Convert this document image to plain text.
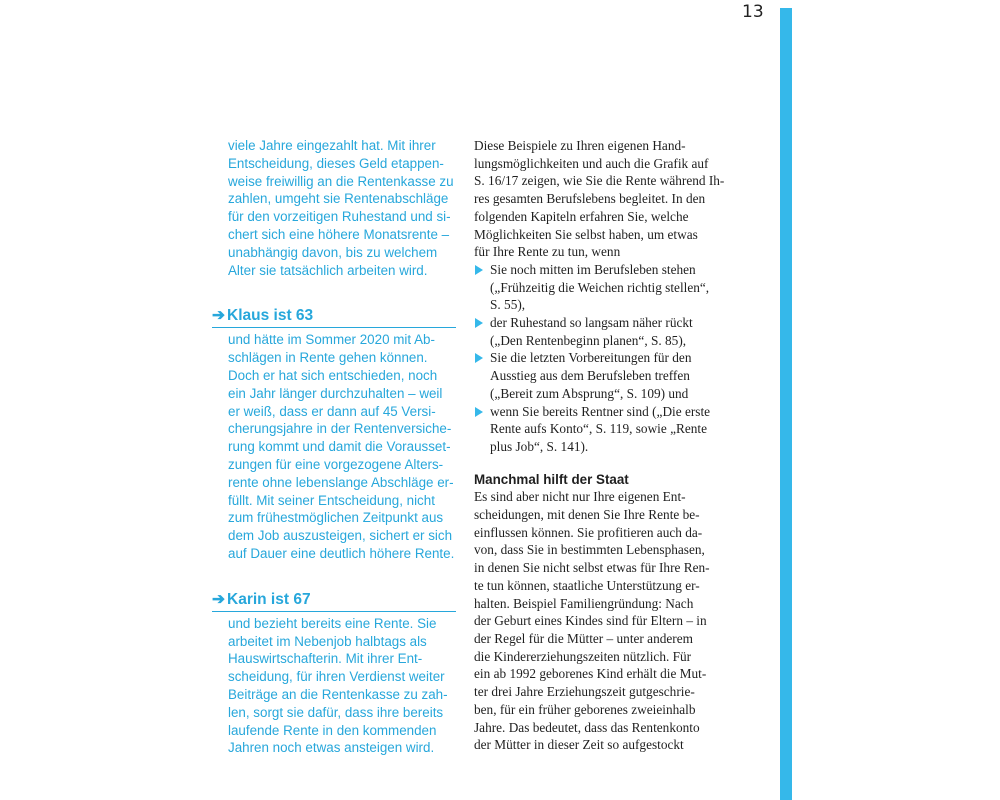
13
viele Jahre eingezahlt hat. Mit ihrer
Entscheidung, dieses Geld etappen-
weise freiwillig an die Rentenkasse zu
zahlen, umgeht sie Rentenabschläge
für den vorzeitigen Ruhestand und si-
chert sich eine höhere Monatsrente –
unabhängig davon, bis zu welchem
Alter sie tatsächlich arbeiten wird.
➔ Klaus ist 63
und hätte im Sommer 2020 mit Ab-
schlägen in Rente gehen können.
Doch er hat sich entschieden, noch
ein Jahr länger durchzuhalten – weil
er weiß, dass er dann auf 45 Versi-
cherungsjahre in der Rentenversiche-
rung kommt und damit die Vorausset-
zungen für eine vorgezogene Alters-
rente ohne lebenslange Abschläge er-
füllt. Mit seiner Entscheidung, nicht
zum frühestmöglichen Zeitpunkt aus
dem Job auszusteigen, sichert er sich
auf Dauer eine deutlich höhere Rente.
➔ Karin ist 67
und bezieht bereits eine Rente. Sie
arbeitet im Nebenjob halbtags als
Hauswirtschafterin. Mit ihrer Ent-
scheidung, für ihren Verdienst weiter
Beiträge an die Rentenkasse zu zah-
len, sorgt sie dafür, dass ihre bereits
laufende Rente in den kommenden
Jahren noch etwas ansteigen wird.
Diese Beispiele zu Ihren eigenen Hand-
lungsmöglichkeiten und auch die Grafik auf
S. 16/17 zeigen, wie Sie die Rente während Ih-
res gesamten Berufslebens begleitet. In den
folgenden Kapiteln erfahren Sie, welche
Möglichkeiten Sie selbst haben, um etwas
für Ihre Rente zu tun, wenn
Sie noch mitten im Berufsleben stehen
(„Frühzeitig die Weichen richtig stellen“,
S. 55),
der Ruhestand so langsam näher rückt
(„Den Rentenbeginn planen“, S. 85),
Sie die letzten Vorbereitungen für den
Ausstieg aus dem Berufsleben treffen
(„Bereit zum Absprung“, S. 109) und
wenn Sie bereits Rentner sind („Die erste
Rente aufs Konto“, S. 119, sowie „Rente
plus Job“, S. 141).
Manchmal hilft der Staat
Es sind aber nicht nur Ihre eigenen Ent-
scheidungen, mit denen Sie Ihre Rente be-
einflussen können. Sie profitieren auch da-
von, dass Sie in bestimmten Lebensphasen,
in denen Sie nicht selbst etwas für Ihre Ren-
te tun können, staatliche Unterstützung er-
halten. Beispiel Familiengründung: Nach
der Geburt eines Kindes sind für Eltern – in
der Regel für die Mütter – unter anderem
die Kindererziehungszeiten nützlich. Für
ein ab 1992 geborenes Kind erhält die Mut-
ter drei Jahre Erziehungszeit gutgeschrie-
ben, für ein früher geborenes zweieinhalb
Jahre. Das bedeutet, dass das Rentenkonto
der Mütter in dieser Zeit so aufgestockt
